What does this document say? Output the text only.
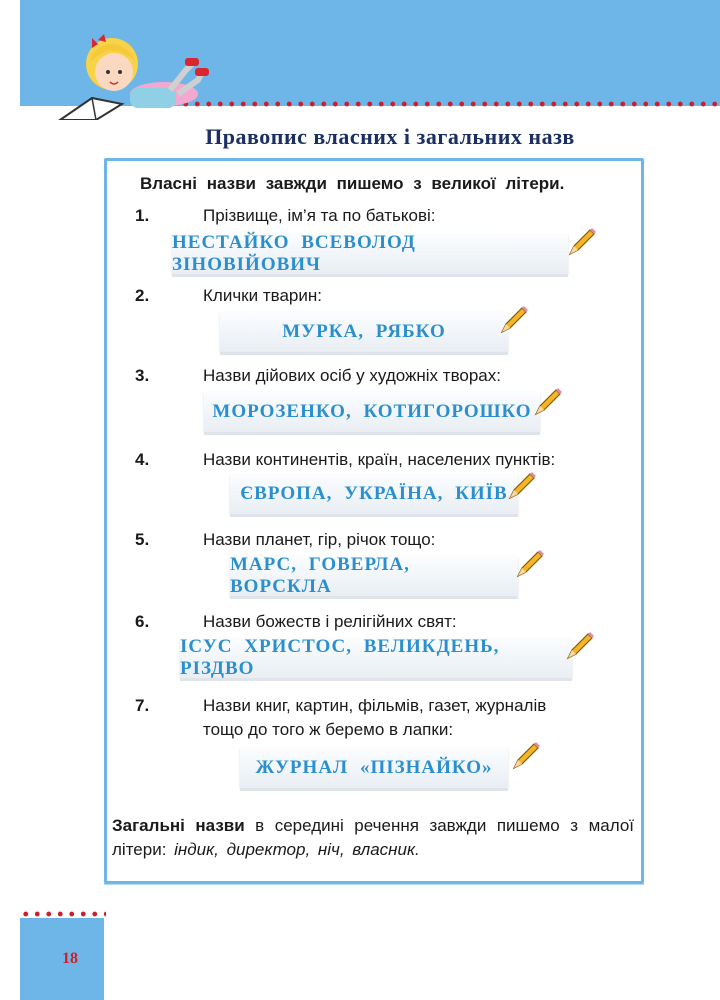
Правопис власних і загальних назв
Власні назви завжди пишемо з великої літери.
1.	Прізвище, ім’я та по батькові:
НЕСТАЙКО ВСЕВОЛОД ЗІНОВІЙОВИЧ
2.	Клички тварин:
МУРКА, РЯБКО
3.	Назви дійових осіб у художніх творах:
МОРОЗЕНКО, КОТИГОРОШКО
4.	Назви континентів, країн, населених пунктів:
ЄВРОПА, УКРАЇНА, КИЇВ
5.	Назви планет, гір, річок тощо:
МАРС, ГОВЕРЛА, ВОРСКЛА
6.	Назви божеств і релігійних свят:
ІСУС ХРИСТОС, ВЕЛИКДЕНЬ, РІЗДВО
7.	Назви книг, картин, фільмів, газет, журналів
тощо до того ж беремо в лапки:
ЖУРНАЛ «ПІЗНАЙКО»
Загальні назви в середині речення завжди пишемо з малої літери: індик, директор, ніч, власник.
18
